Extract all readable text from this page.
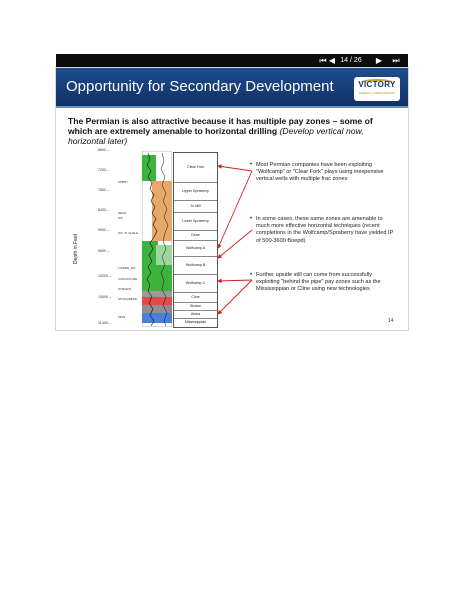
⏮ ◀ 14 / 26	▶ ⏭
Opportunity for Secondary Development	VICTORY
ENERGY CORPORATION
The Permian is also attractive because it has multiple pay zones – some of which are extremely amenable to horizontal drilling (Develop vertical now, horizontal later)
Depth in Feet
6600 –
7200 –
7800 –
8400 –
9000 –
9600 –
10200 –
10600 –
11400 –
SPBRY
DEAN
WC
WC. B. SHALE
LOWER_WC
CISCO/CLINE
STRAWN
ATOKA/BEND
MISS
Clear Fork
Upper Spraberry
Ju Mill
Lower Spraberry
Dean
Wolfcamp A
Wolfcamp B
Wolfcamp C
Cline
Strawn
Atoka
Mississippian
• Most Permian companies have been exploiting "Wolfcamp" or "Clear Fork" plays using inexpensive vertical wells with multiple frac zones
• In some cases, these same zones are amenable to much more effective horizontal techniques (recent completions in the Wolfcamp/Spraberry have yielded IP of 500-3600 Boepd)
• Further upside still can come from successfully exploiting "behind the pipe" pay zones such as the Mississippian or Cline using new technologies
14
